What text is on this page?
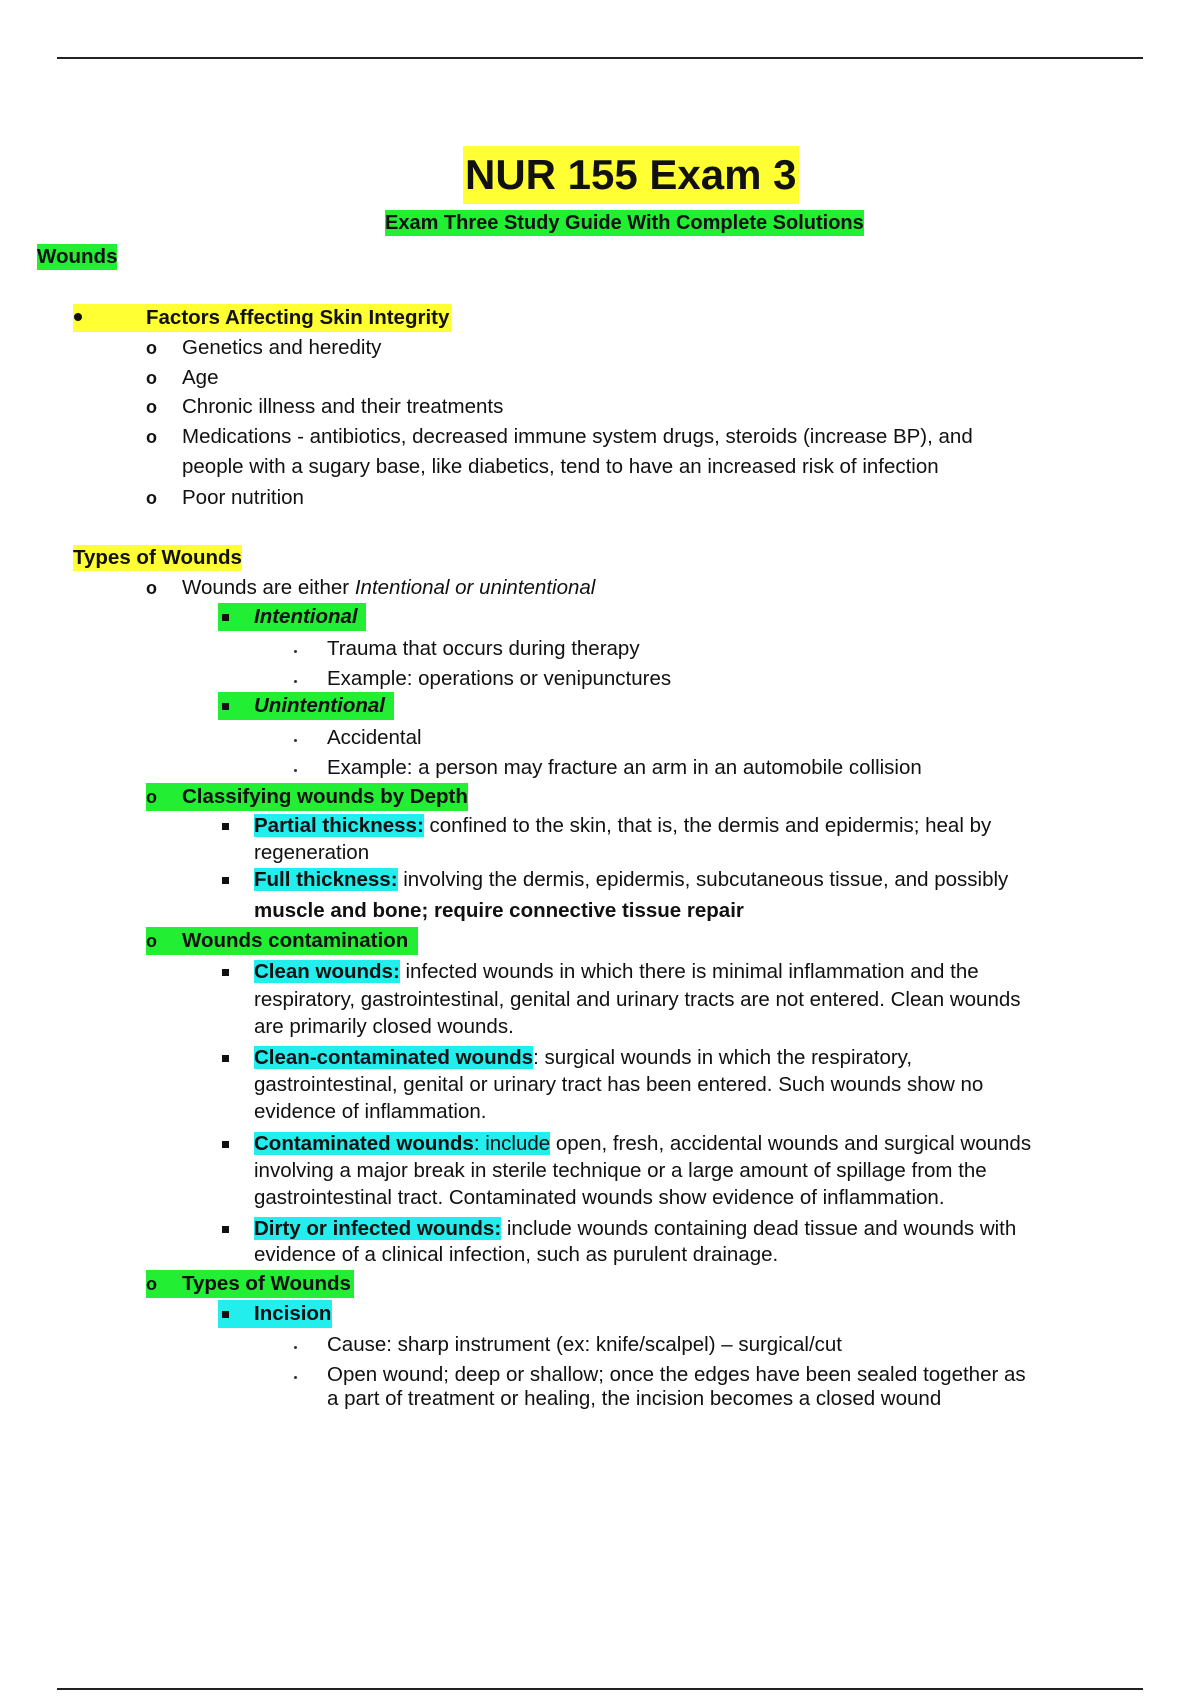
NUR 155 Exam 3
Exam Three Study Guide With Complete Solutions
Wounds
Factors Affecting Skin Integrity
o Genetics and heredity
o Age
o Chronic illness and their treatments
o Medications - antibiotics, decreased immune system drugs, steroids (increase BP), and
people with a sugary base, like diabetics, tend to have an increased risk of infection
o Poor nutrition
Types of Wounds
o Wounds are either Intentional or unintentional
Intentional
Trauma that occurs during therapy
Example: operations or venipunctures
Unintentional
Accidental
Example: a person may fracture an arm in an automobile collision
o Classifying wounds by Depth
Partial thickness: confined to the skin, that is, the dermis and epidermis; heal by
regeneration
Full thickness: involving the dermis, epidermis, subcutaneous tissue, and possibly
muscle and bone; require connective tissue repair
o Wounds contamination
Clean wounds: infected wounds in which there is minimal inflammation and the
respiratory, gastrointestinal, genital and urinary tracts are not entered. Clean wounds
are primarily closed wounds.
Clean-contaminated wounds: surgical wounds in which the respiratory,
gastrointestinal, genital or urinary tract has been entered. Such wounds show no
evidence of inflammation.
Contaminated wounds: include open, fresh, accidental wounds and surgical wounds
involving a major break in sterile technique or a large amount of spillage from the
gastrointestinal tract. Contaminated wounds show evidence of inflammation.
Dirty or infected wounds: include wounds containing dead tissue and wounds with
evidence of a clinical infection, such as purulent drainage.
o Types of Wounds
Incision
Cause: sharp instrument (ex: knife/scalpel) – surgical/cut
Open wound; deep or shallow; once the edges have been sealed together as
a part of treatment or healing, the incision becomes a closed wound
